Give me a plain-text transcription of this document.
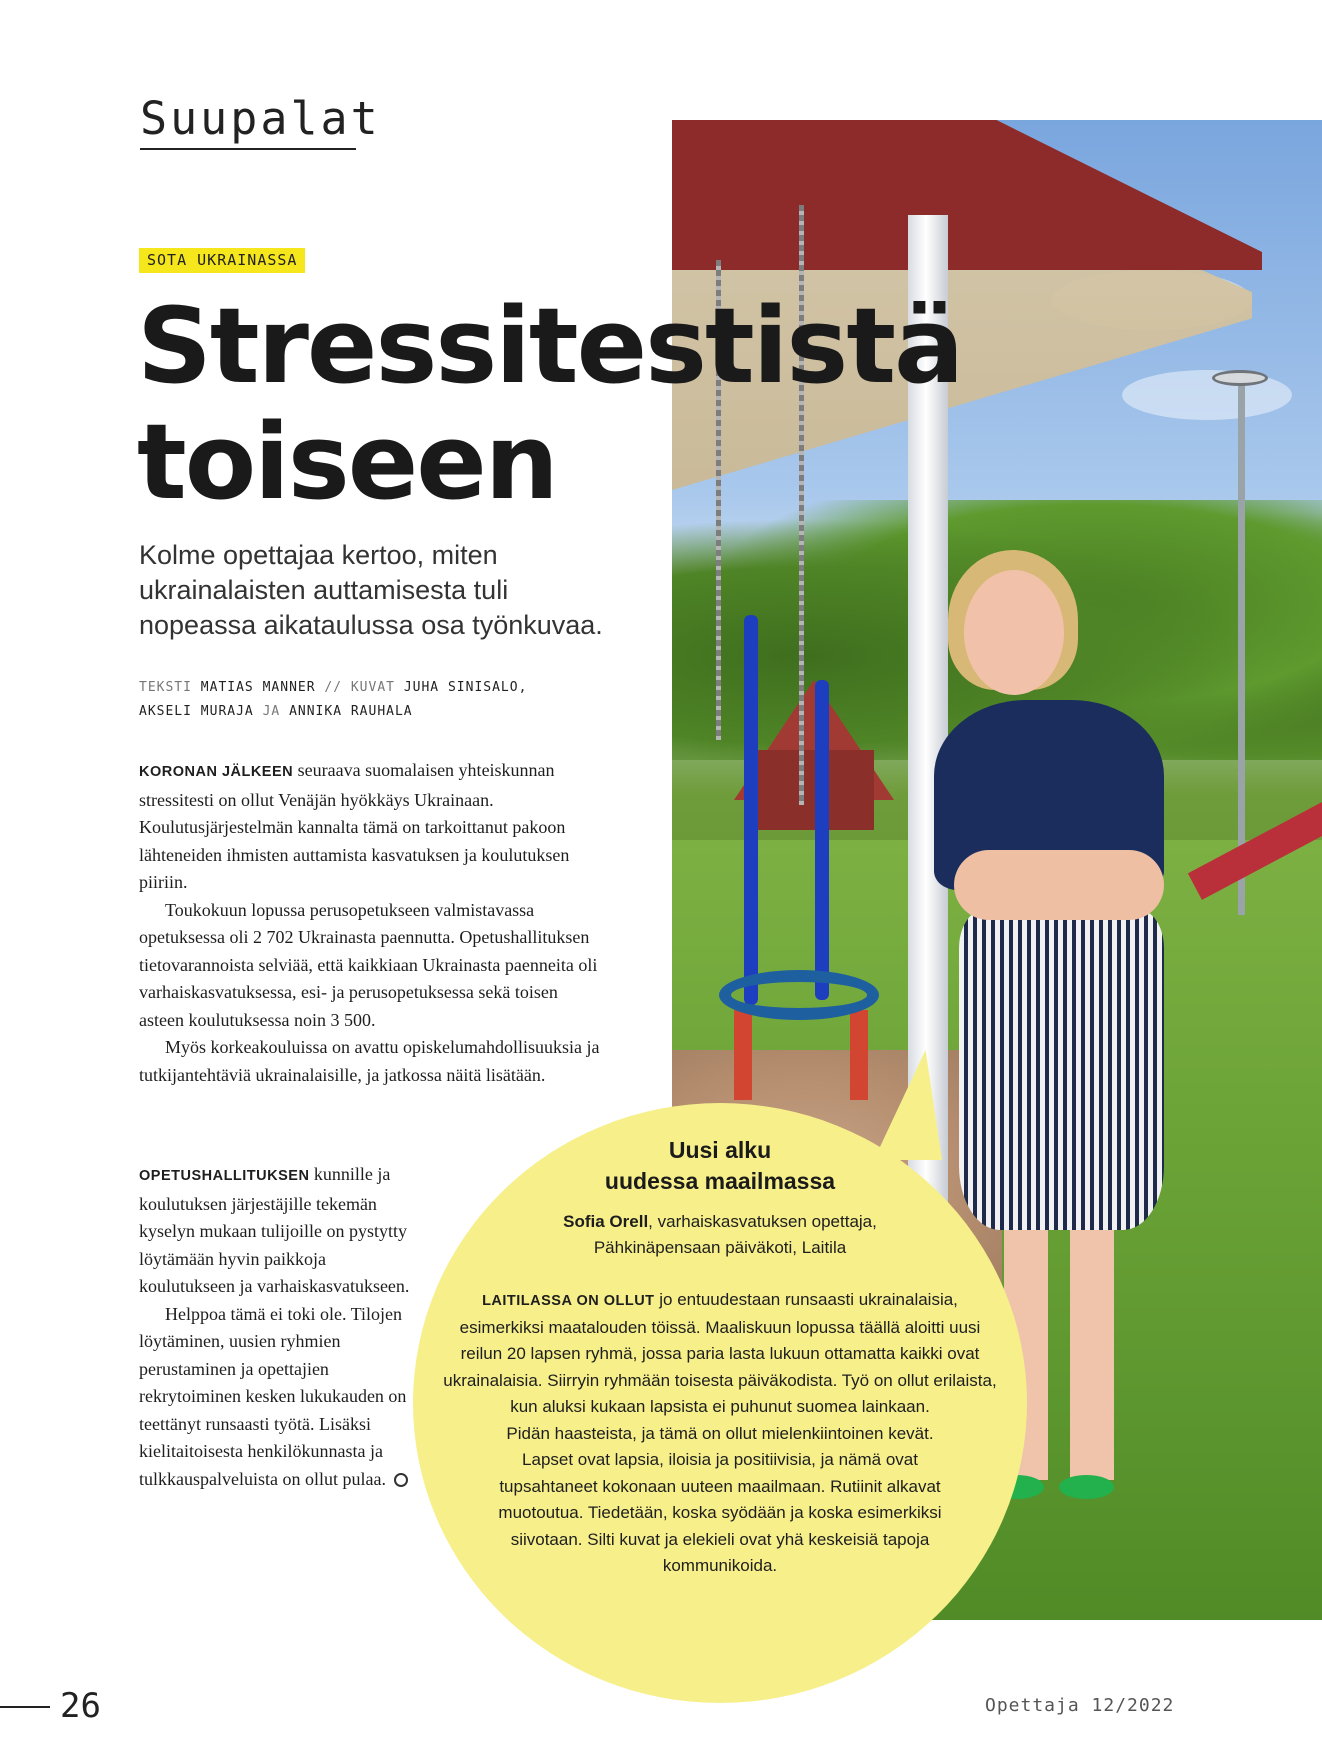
Suupalat
SOTA UKRAINASSA
Stressitestistä
toiseen

Kolme opettajaa kertoo, miten ukrainalaisten auttamisesta tuli nopeassa aikataulussa osa työnkuvaa.

TEKSTI MATIAS MANNER // KUVAT JUHA SINISALO,
AKSELI MURAJA JA ANNIKA RAUHALA

KORONAN JÄLKEEN seuraava suomalaisen yhteiskunnan stressitesti on ollut Venäjän hyökkäys Ukrainaan. Koulutusjärjestelmän kannalta tämä on tarkoittanut pakoon lähteneiden ihmisten auttamista kasvatuksen ja koulutuksen piiriin.

Toukokuun lopussa perusopetukseen valmistavassa opetuksessa oli 2 702 Ukrainasta paennutta. Opetushallituksen tietovarannoista selviää, että kaikkiaan Ukrainasta paenneita oli varhaiskasvatuksessa, esi- ja perusopetuksessa sekä toisen asteen koulutuksessa noin 3 500.

Myös korkeakouluissa on avattu opiskelumahdollisuuksia ja tutkijantehtäviä ukrainalaisille, ja jatkossa näitä lisätään.

OPETUSHALLITUKSEN kunnille ja koulutuksen järjestäjille tekemän kyselyn mukaan tulijoille on pystytty löytämään hyvin paikkoja koulutukseen ja varhaiskasvatukseen.

Helppoa tämä ei toki ole. Tilojen löytäminen, uusien ryhmien perustaminen ja opettajien rekrytoiminen kesken lukukauden on teettänyt runsaasti työtä. Lisäksi kielitaitoisesta henkilökunnasta ja tulkkauspalveluista on ollut pulaa.

Uusi alku
uudessa maailmassa
Sofia Orell, varhaiskasvatuksen opettaja,
Pähkinäpensaan päiväkoti, Laitila

LAITILASSA ON OLLUT jo entuudestaan runsaasti ukrainalaisia, esimerkiksi maatalouden töissä. Maaliskuun lopussa täällä aloitti uusi reilun 20 lapsen ryhmä, jossa paria lasta lukuun ottamatta kaikki ovat ukrainalaisia. Siirryin ryhmään toisesta päiväkodista. Työ on ollut erilaista, kun aluksi kukaan lapsista ei puhunut suomea lainkaan.

Pidän haasteista, ja tämä on ollut mielenkiintoinen kevät. Lapset ovat lapsia, iloisia ja positiivisia, ja nämä ovat tupsahtaneet kokonaan uuteen maailmaan. Rutiinit alkavat muotoutua. Tiedetään, koska syödään ja koska esimerkiksi siivotaan. Silti kuvat ja elekieli ovat yhä keskeisiä tapoja kommunikoida.

26	Opettaja 12/2022
